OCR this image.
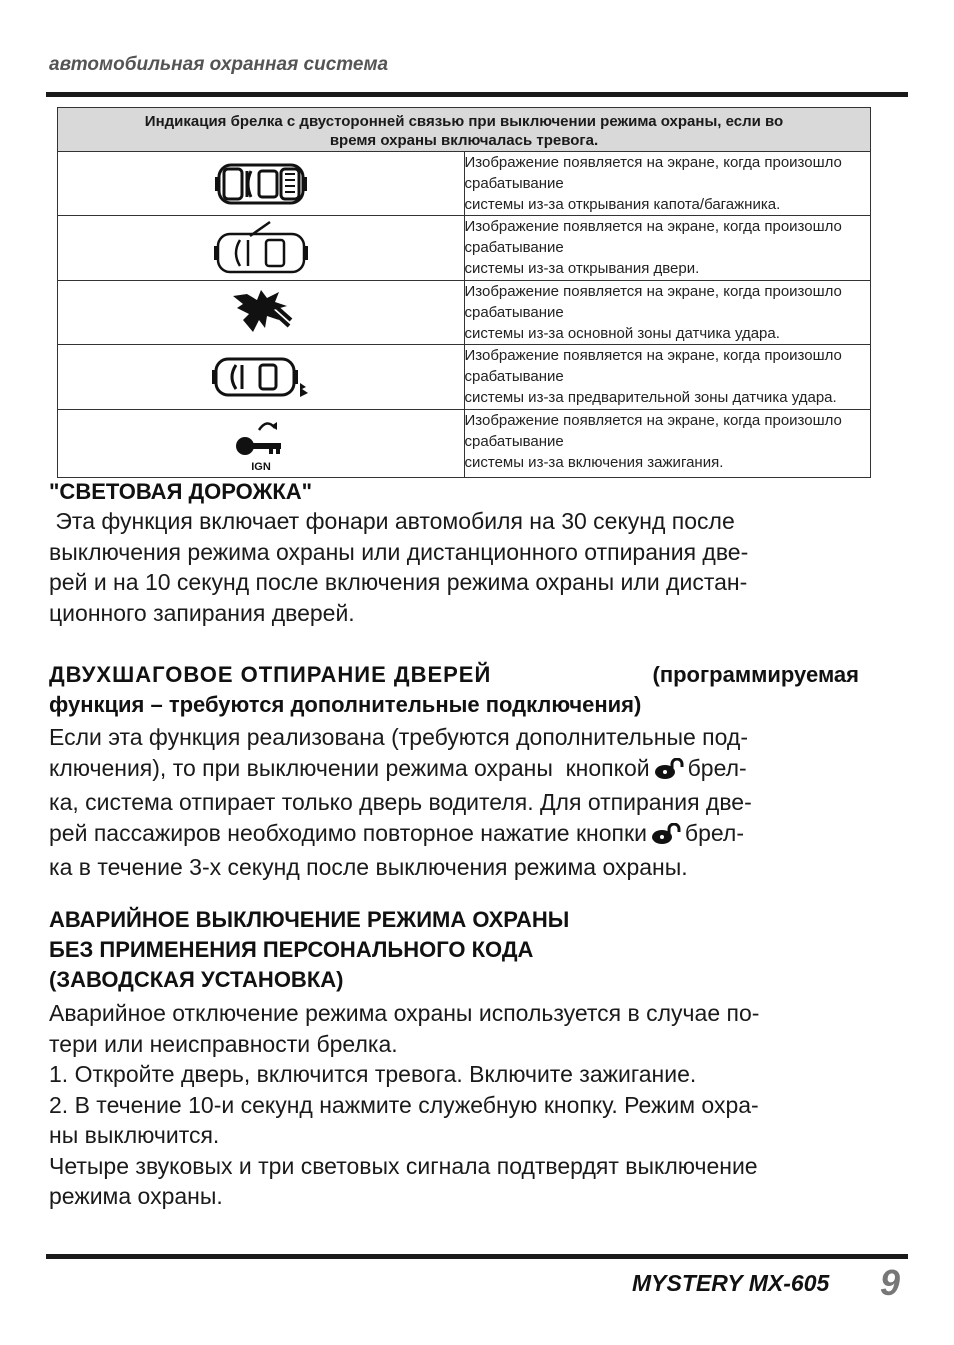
автомобильная охранная система
Индикация брелка с двусторонней связью при выключении режима охраны, если во
время охраны включалась тревога.	

Изображение появляется на экране, когда произошло срабатывание
системы из-за открывания капота/багажника.

Изображение появляется на экране, когда произошло срабатывание
системы из-за открывания двери.

Изображение появляется на экране, когда произошло срабатывание
системы из-за основной зоны датчика удара.

Изображение появляется на экране, когда произошло срабатывание
системы из-за предварительной зоны датчика удара.

IGN	Изображение появляется на экране, когда произошло срабатывание
системы из-за включения зажигания.
"СВЕТОВАЯ ДОРОЖКА"
Эта функция включает фонари автомобиля на 30 секунд после
выключения режима охраны или дистанционного отпирания две-
рей и на 10 секунд после включения режима охраны или дистан-
ционного запирания дверей.
ДВУХШАГОВОЕ ОТПИРАНИЕ ДВЕРЕЙ	(программируемая
функция – требуются дополнительные подключения)
Если эта функция реализована (требуются дополнительные под-
ключения), то при выключении режима охраны  кнопкой брел-
ка, система отпирает только дверь водителя. Для отпирания две-
рей пассажиров необходимо повторное нажатие кнопки брел-
ка в течение 3-х секунд после выключения режима охраны.
АВАРИЙНОЕ ВЫКЛЮЧЕНИЕ РЕЖИМА ОХРАНЫ
БЕЗ ПРИМЕНЕНИЯ ПЕРСОНАЛЬНОГО КОДА
(ЗАВОДСКАЯ УСТАНОВКА)
Аварийное отключение режима охраны используется в случае по-
тери или неисправности брелка.
1. Откройте дверь, включится тревога. Включите зажигание.
2. В течение 10-и секунд нажмите служебную кнопку. Режим охра-
ны выключится.
Четыре звуковых и три световых сигнала подтвердят выключение
режима охраны.
MYSTERY MX-605 9
